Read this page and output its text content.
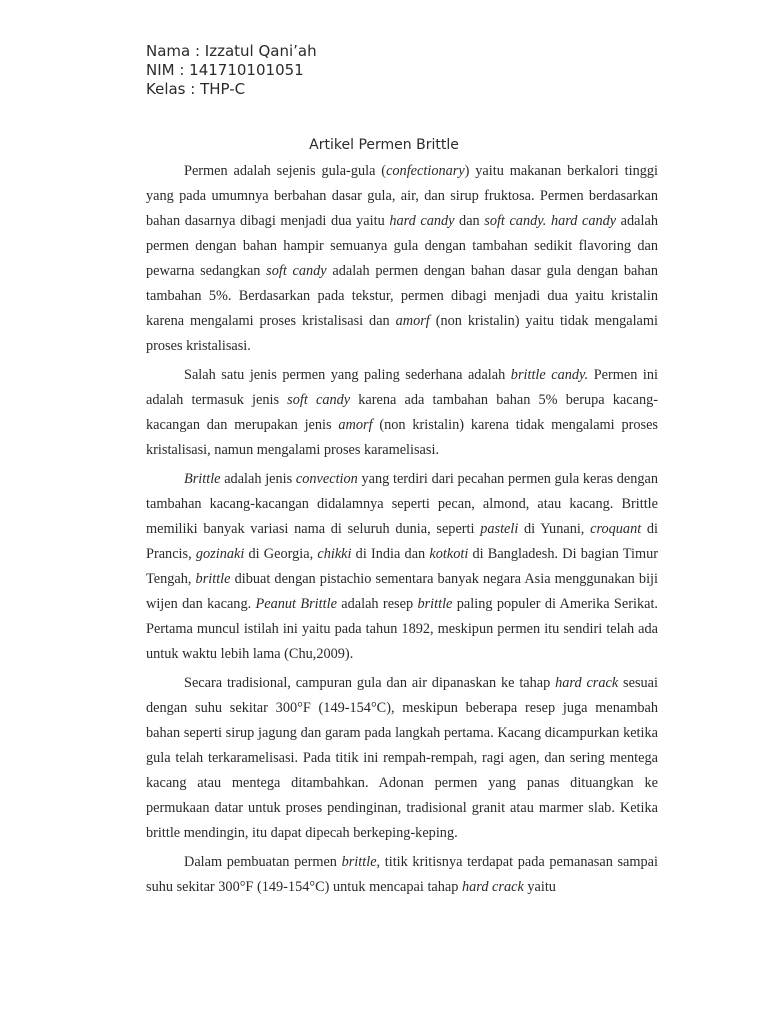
Nama : Izzatul Qani’ah
NIM : 141710101051
Kelas : THP-C
Artikel Permen Brittle

Permen adalah sejenis gula-gula (confectionary) yaitu makanan berkalori tinggi yang pada umumnya berbahan dasar gula, air, dan sirup fruktosa. Permen berdasarkan bahan dasarnya dibagi menjadi dua yaitu hard candy dan soft candy. hard candy adalah permen dengan bahan hampir semuanya gula dengan tambahan sedikit flavoring dan pewarna sedangkan soft candy adalah permen dengan bahan dasar gula dengan bahan tambahan 5%. Berdasarkan pada tekstur, permen dibagi menjadi dua yaitu kristalin karena mengalami proses kristalisasi dan amorf (non kristalin) yaitu tidak mengalami proses kristalisasi.

Salah satu jenis permen yang paling sederhana adalah brittle candy. Permen ini adalah termasuk jenis soft candy karena ada tambahan bahan 5% berupa kacang-kacangan dan merupakan jenis amorf (non kristalin) karena tidak mengalami proses kristalisasi, namun mengalami proses karamelisasi.

Brittle adalah jenis convection yang terdiri dari pecahan permen gula keras dengan tambahan kacang-kacangan didalamnya seperti pecan, almond, atau kacang. Brittle memiliki banyak variasi nama di seluruh dunia, seperti pasteli di Yunani, croquant di Prancis, gozinaki di Georgia, chikki di India dan kotkoti di Bangladesh. Di bagian Timur Tengah, brittle dibuat dengan pistachio sementara banyak negara Asia menggunakan biji wijen dan kacang. Peanut Brittle adalah resep brittle paling populer di Amerika Serikat. Pertama muncul istilah ini yaitu pada tahun 1892, meskipun permen itu sendiri telah ada untuk waktu lebih lama (Chu,2009).

Secara tradisional, campuran gula dan air dipanaskan ke tahap hard crack sesuai dengan suhu sekitar 300°F (149-154°C), meskipun beberapa resep juga menambah bahan seperti sirup jagung dan garam pada langkah pertama. Kacang dicampurkan ketika gula telah terkaramelisasi. Pada titik ini rempah-rempah, ragi agen, dan sering mentega kacang atau mentega ditambahkan. Adonan permen yang panas dituangkan ke permukaan datar untuk proses pendinginan, tradisional granit atau marmer slab. Ketika brittle mendingin, itu dapat dipecah berkeping-keping.

Dalam pembuatan permen brittle, titik kritisnya terdapat pada pemanasan sampai suhu sekitar 300°F (149-154°C) untuk mencapai tahap hard crack yaitu
